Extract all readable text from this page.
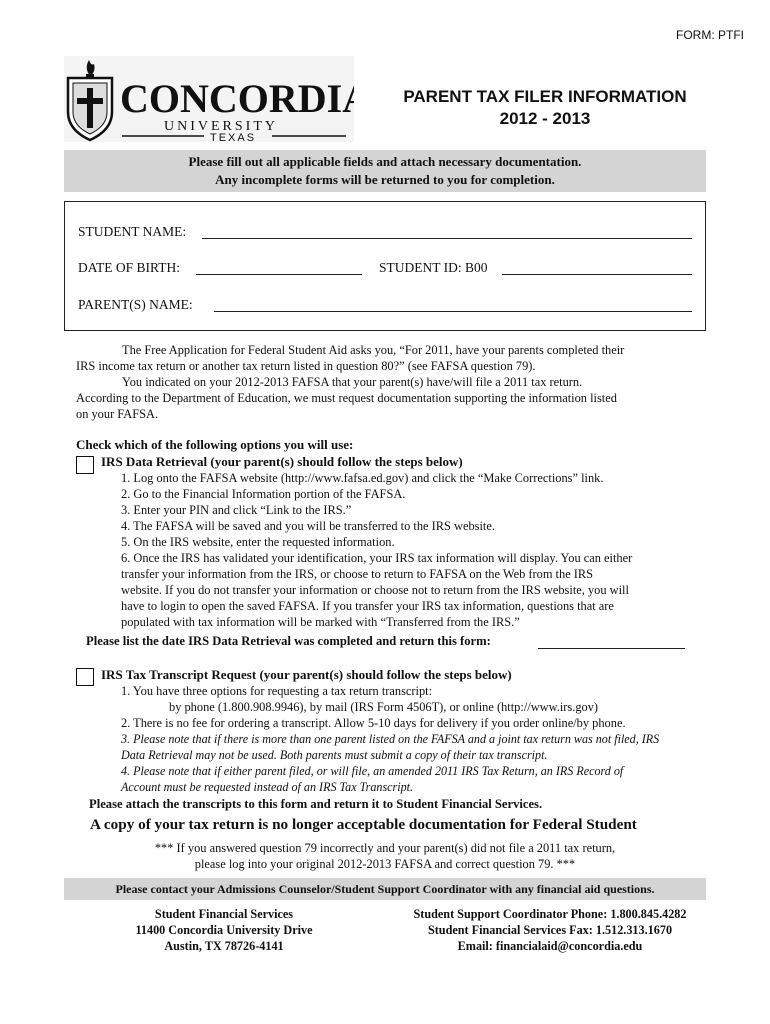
FORM: PTFI
CONCORDIA
UNIVERSITY
TEXAS
PARENT TAX FILER INFORMATION
2012 - 2013
Please fill out all applicable fields and attach necessary documentation.
Any incomplete forms will be returned to you for completion.
STUDENT NAME:
DATE OF BIRTH:	STUDENT ID: B00
PARENT(S) NAME:
The Free Application for Federal Student Aid asks you, “For 2011, have your parents completed their
IRS income tax return or another tax return listed in question 80?” (see FAFSA question 79).
You indicated on your 2012-2013 FAFSA that your parent(s) have/will file a 2011 tax return.
According to the Department of Education, we must request documentation supporting the information listed
on your FAFSA.
Check which of the following options you will use:
IRS Data Retrieval (your parent(s) should follow the steps below)
1. Log onto the FAFSA website (http://www.fafsa.ed.gov) and click the “Make Corrections” link.
2. Go to the Financial Information portion of the FAFSA.
3. Enter your PIN and click “Link to the IRS.”
4. The FAFSA will be saved and you will be transferred to the IRS website.
5. On the IRS website, enter the requested information.
6. Once the IRS has validated your identification, your IRS tax information will display. You can either
transfer your information from the IRS, or choose to return to FAFSA on the Web from the IRS
website. If you do not transfer your information or choose not to return from the IRS website, you will
have to login to open the saved FAFSA. If you transfer your IRS tax information, questions that are
populated with tax information will be marked with “Transferred from the IRS.”
Please list the date IRS Data Retrieval was completed and return this form:
IRS Tax Transcript Request (your parent(s) should follow the steps below)
1. You have three options for requesting a tax return transcript:
by phone (1.800.908.9946), by mail (IRS Form 4506T), or online (http://www.irs.gov)
2. There is no fee for ordering a transcript. Allow 5-10 days for delivery if you order online/by phone.
3. Please note that if there is more than one parent listed on the FAFSA and a joint tax return was not filed, IRS
Data Retrieval may not be used. Both parents must submit a copy of their tax transcript.
4. Please note that if either parent filed, or will file, an amended 2011 IRS Tax Return, an IRS Record of
Account must be requested instead of an IRS Tax Transcript.
Please attach the transcripts to this form and return it to Student Financial Services.
A copy of your tax return is no longer acceptable documentation for Federal Student
*** If you answered question 79 incorrectly and your parent(s) did not file a 2011 tax return,
please log into your original 2012-2013 FAFSA and correct question 79. ***
Please contact your Admissions Counselor/Student Support Coordinator with any financial aid questions.
Student Financial Services
11400 Concordia University Drive
Austin, TX 78726-4141
Student Support Coordinator Phone: 1.800.845.4282
Student Financial Services Fax: 1.512.313.1670
Email: financialaid@concordia.edu
